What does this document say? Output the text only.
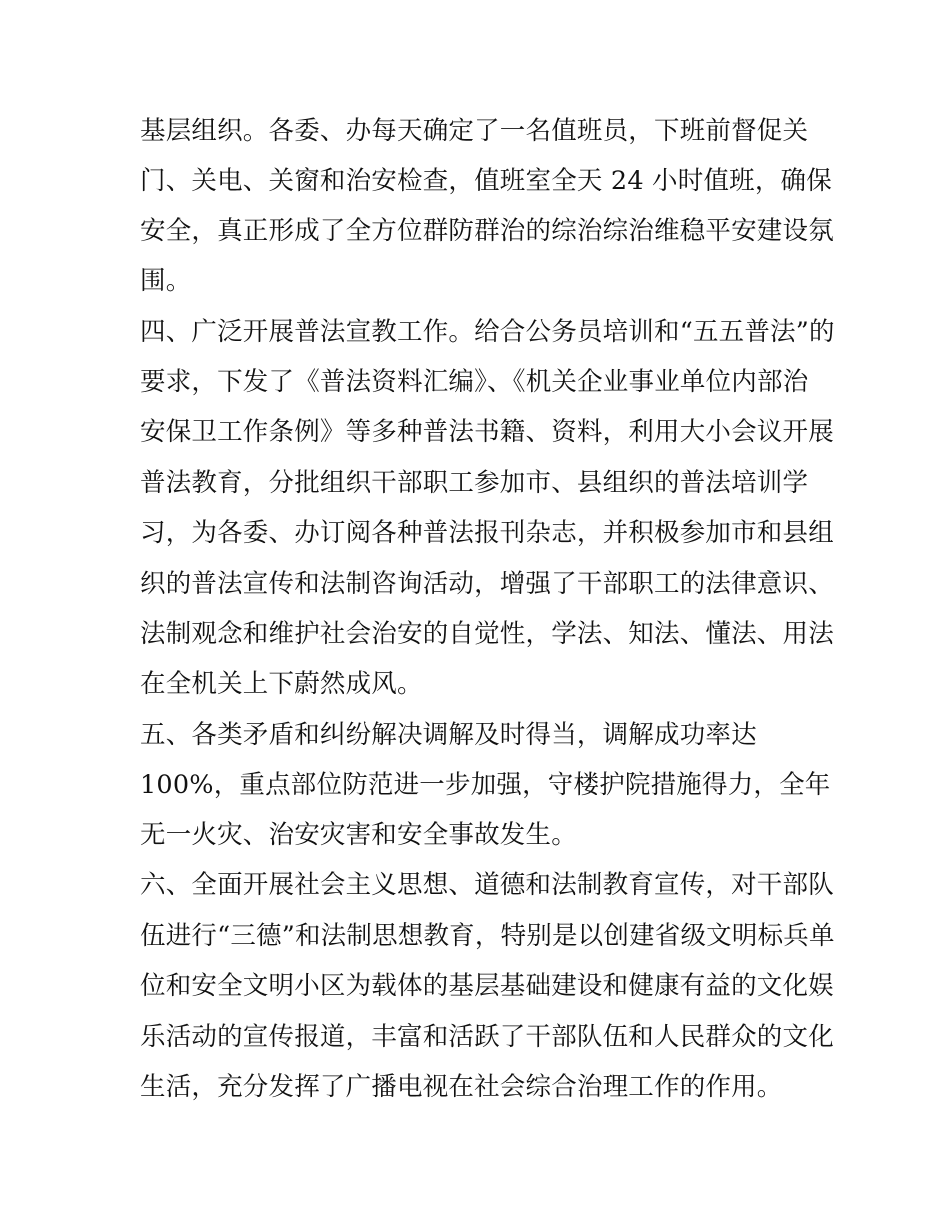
基层组织。各委、办每天确定了一名值班员，下班前督促关
门、关电、关窗和治安检查，值班室全天 24 小时值班，确保
安全，真正形成了全方位群防群治的综治综治维稳平安建设氛
围。
四、广泛开展普法宣教工作。给合公务员培训和“五五普法”的
要求，下发了《普法资料汇编》、《机关企业事业单位内部治
安保卫工作条例》等多种普法书籍、资料，利用大小会议开展
普法教育，分批组织干部职工参加市、县组织的普法培训学
习，为各委、办订阅各种普法报刊杂志，并积极参加市和县组
织的普法宣传和法制咨询活动，增强了干部职工的法律意识、
法制观念和维护社会治安的自觉性，学法、知法、懂法、用法
在全机关上下蔚然成风。
五、各类矛盾和纠纷解决调解及时得当，调解成功率达
100%，重点部位防范进一步加强，守楼护院措施得力，全年
无一火灾、治安灾害和安全事故发生。
六、全面开展社会主义思想、道德和法制教育宣传，对干部队
伍进行“三德”和法制思想教育，特别是以创建省级文明标兵单
位和安全文明小区为载体的基层基础建设和健康有益的文化娱
乐活动的宣传报道，丰富和活跃了干部队伍和人民群众的文化
生活，充分发挥了广播电视在社会综合治理工作的作用。
